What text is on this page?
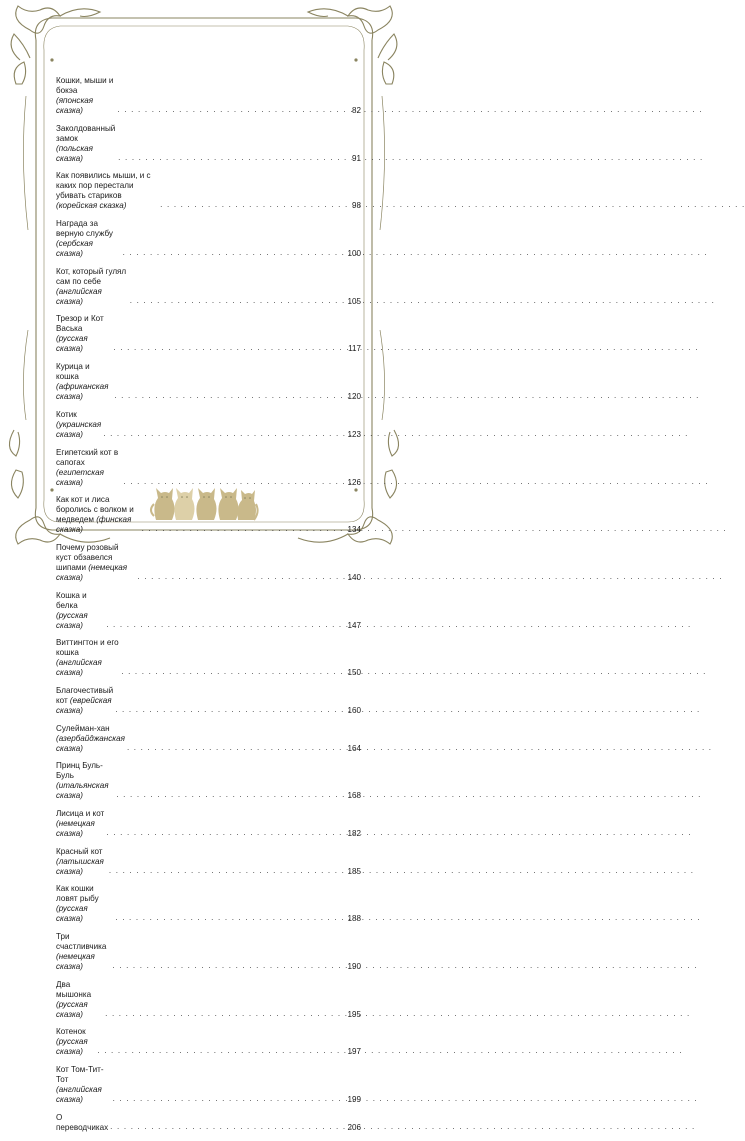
Кошки, мыши и бокэа (японская сказка) . . .	82
Заколдованный замок (польская сказка) . . .	91
Как появились мыши, и с каких пор перестали убивать стариков (корейская сказка) . . .	98
Награда за верную службу (сербская сказка) . . .	100
Кот, который гулял сам по себе (английская сказка) . . .	105
Трезор и Кот Васька (русская сказка) . . .	117
Курица и кошка (африканская сказка) . . .	120
Котик (украинская сказка) . . .	123
Египетский кот в сапогах (египетская сказка) . . .	126
Как кот и лиса боролись с волком и медведем (финская сказка) . . .	134
Почему розовый куст обзавелся шипами (немецкая сказка) . . .	140
Кошка и белка (русская сказка) . . .	147
Виттингтон и его кошка (английская сказка) . . .	150
Благочестивый кот (еврейская сказка) . . .	160
Сулейман-хан (азербайджанская сказка) . . .	164
Принц Буль-Буль (итальянская сказка) . . .	168
Лисица и кот (немецкая сказка) . . .	182
Красный кот (латышская сказка) . . .	185
Как кошки ловят рыбу (русская сказка) . . .	188
Три счастливчика (немецкая сказка) . . .	190
Два мышонка (русская сказка) . . .	195
Котенок (русская сказка) . . .	197
Кот Том-Тит-Тот (английская сказка) . . .	199
О переводчиках . . .	206
